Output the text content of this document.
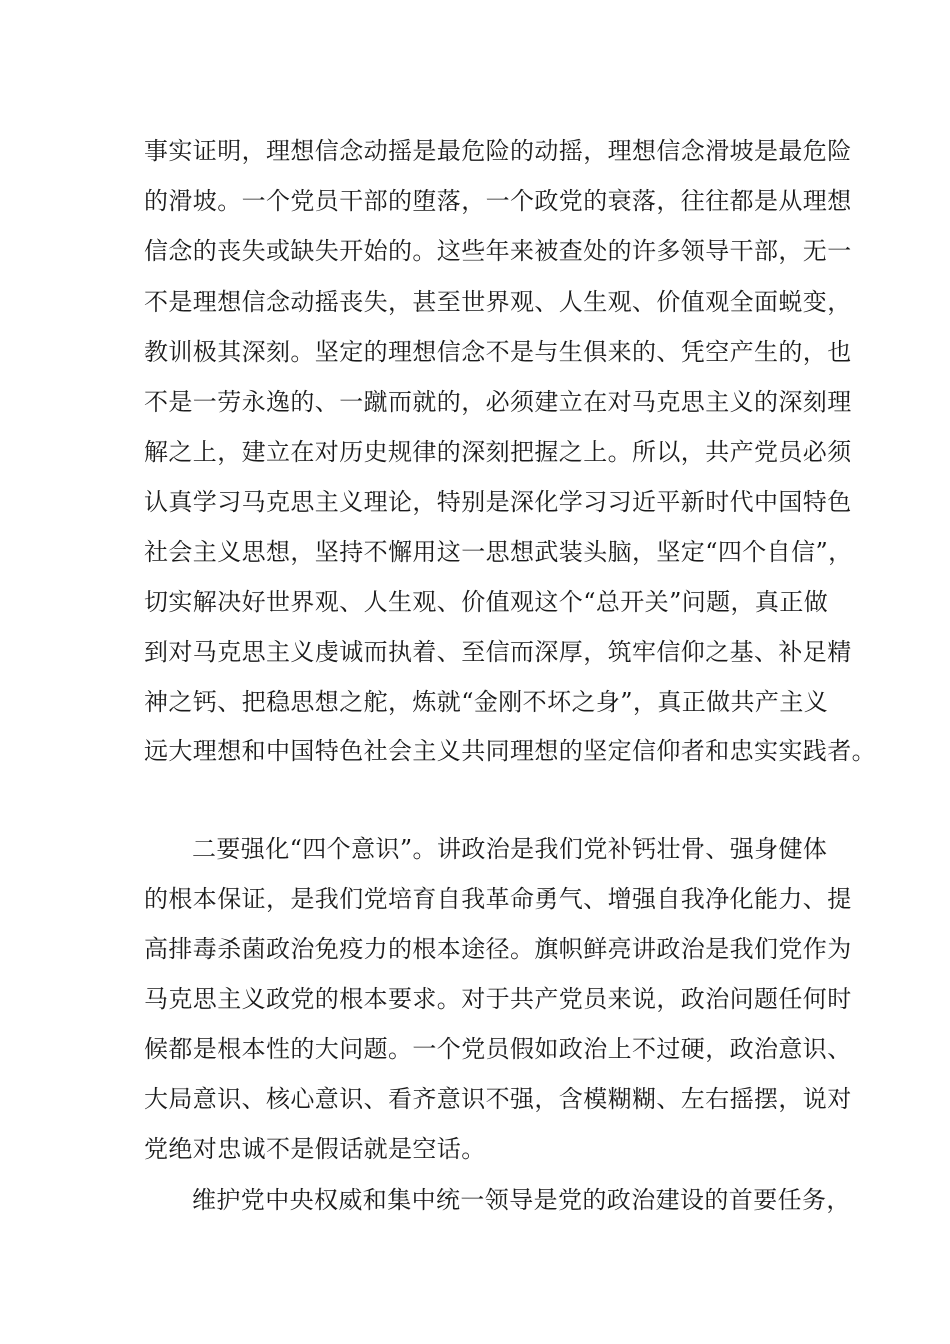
事实证明，理想信念动摇是最危险的动摇，理想信念滑坡是最危险
的滑坡。一个党员干部的堕落，一个政党的衰落，往往都是从理想
信念的丧失或缺失开始的。这些年来被查处的许多领导干部，无一
不是理想信念动摇丧失，甚至世界观、人生观、价值观全面蜕变，
教训极其深刻。坚定的理想信念不是与生俱来的、凭空产生的，也
不是一劳永逸的、一蹴而就的，必须建立在对马克思主义的深刻理
解之上，建立在对历史规律的深刻把握之上。所以，共产党员必须
认真学习马克思主义理论，特别是深化学习习近平新时代中国特色
社会主义思想，坚持不懈用这一思想武装头脑，坚定“四个自信”，
切实解决好世界观、人生观、价值观这个“总开关”问题，真正做
到对马克思主义虔诚而执着、至信而深厚，筑牢信仰之基、补足精
神之钙、把稳思想之舵，炼就“金刚不坏之身”，真正做共产主义
远大理想和中国特色社会主义共同理想的坚定信仰者和忠实实践者。
二要强化“四个意识”。讲政治是我们党补钙壮骨、强身健体
的根本保证，是我们党培育自我革命勇气、增强自我净化能力、提
高排毒杀菌政治免疫力的根本途径。旗帜鲜亮讲政治是我们党作为
马克思主义政党的根本要求。对于共产党员来说，政治问题任何时
候都是根本性的大问题。一个党员假如政治上不过硬，政治意识、
大局意识、核心意识、看齐意识不强，含模糊糊、左右摇摆，说对
党绝对忠诚不是假话就是空话。
维护党中央权威和集中统一领导是党的政治建设的首要任务，
